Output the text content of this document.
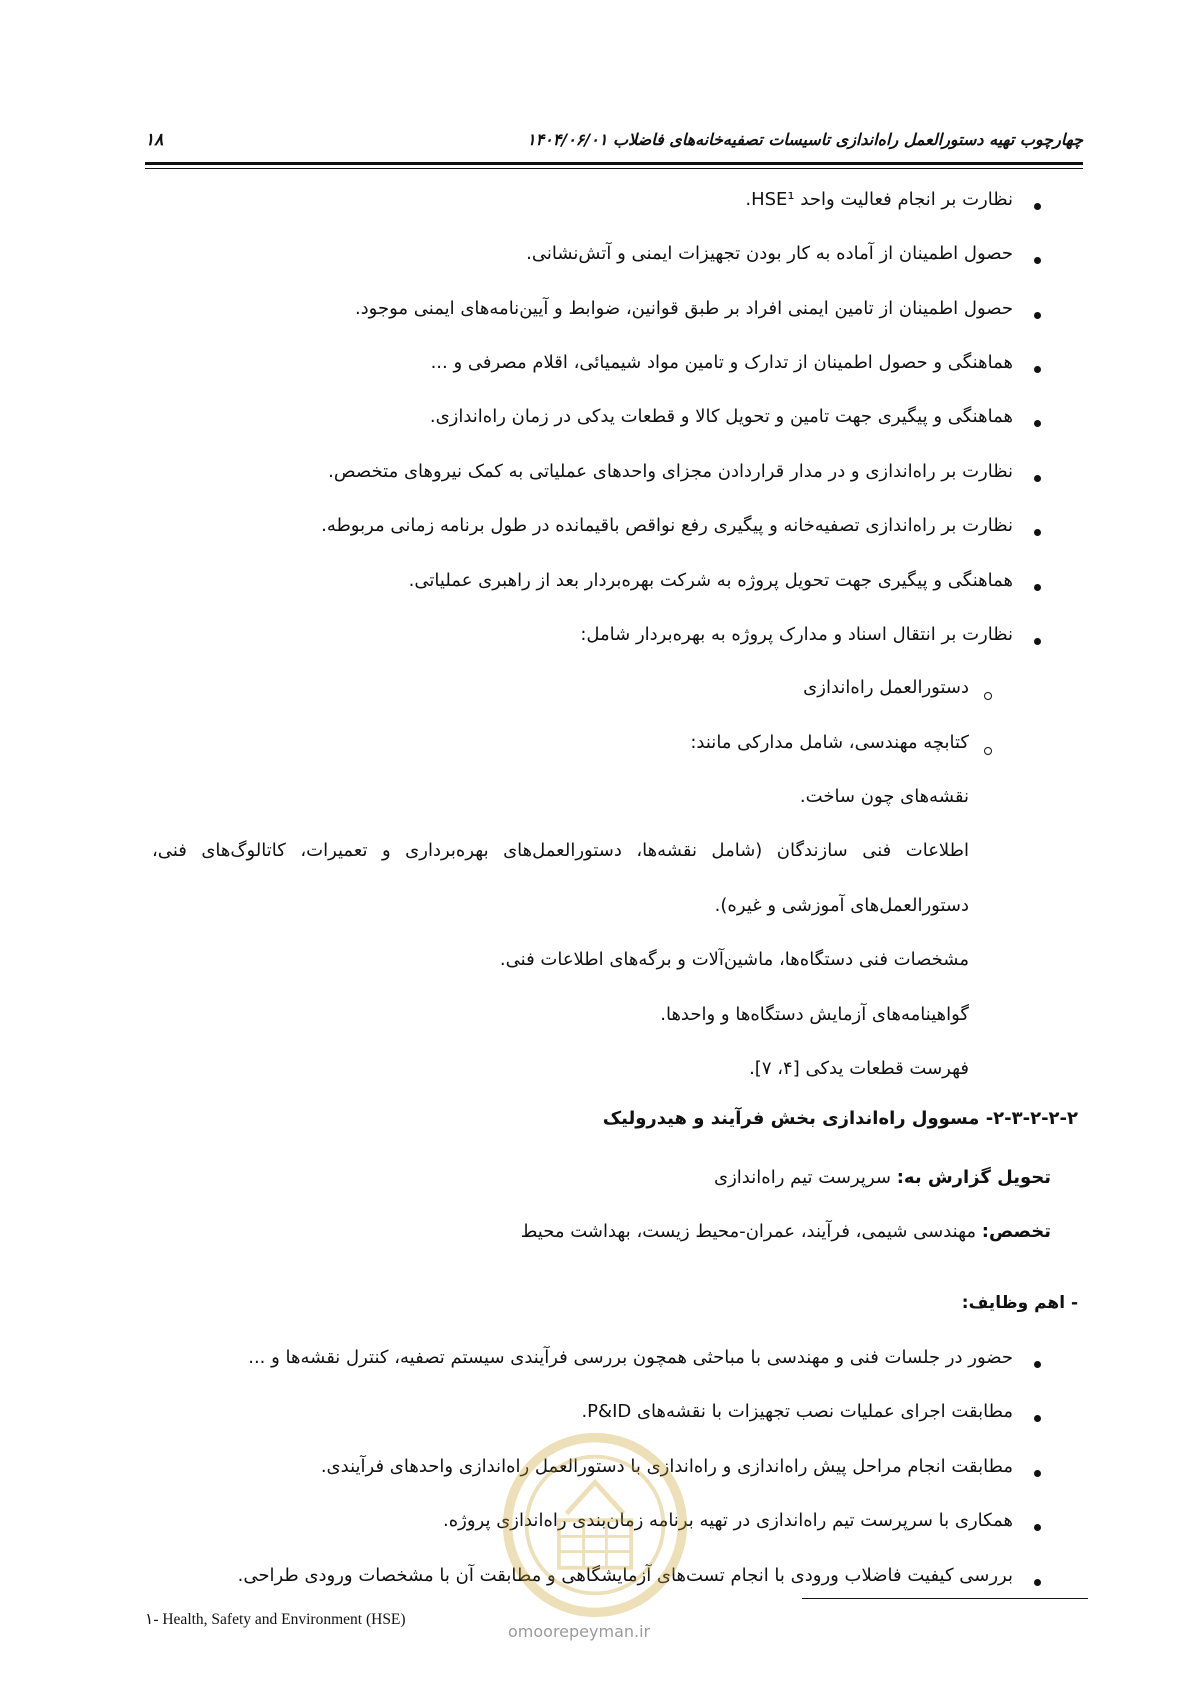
چهارچوب تهیه دستورالعمل راه‌اندازی تاسیسات تصفیه‌خانه‌های فاضلاب ۱۴۰۴/۰۶/۰۱
۱۸
نظارت بر انجام فعالیت واحد HSE¹.
حصول اطمینان از آماده به کار بودن تجهیزات ایمنی و آتش‌نشانی.
حصول اطمینان از تامین ایمنی افراد بر طبق قوانین، ضوابط و آیین‌نامه‌های ایمنی موجود.
هماهنگی و حصول اطمینان از تدارک و تامین مواد شیمیائی، اقلام مصرفی و ...
هماهنگی و پیگیری جهت تامین و تحویل کالا و قطعات یدکی در زمان راه‌اندازی.
نظارت بر راه‌اندازی و در مدار قراردادن مجزای واحدهای عملیاتی به کمک نیروهای متخصص.
نظارت بر راه‌اندازی تصفیه‌خانه و پیگیری رفع نواقص باقیمانده در طول برنامه زمانی مربوطه.
هماهنگی و پیگیری جهت تحویل پروژه به شرکت بهره‌بردار بعد از راهبری عملیاتی.
نظارت بر انتقال اسناد و مدارک پروژه به بهره‌بردار شامل:
دستورالعمل راه‌اندازی
کتابچه مهندسی، شامل مدارکی مانند:
نقشه‌های چون ساخت.
اطلاعات فنی سازندگان (شامل نقشه‌ها، دستورالعمل‌های بهره‌برداری و تعمیرات، کاتالوگ‌های فنی،
دستورالعمل‌های آموزشی و غیره).
مشخصات فنی دستگاه‌ها، ماشین‌آلات و برگه‌های اطلاعات فنی.
گواهینامه‌های آزمایش دستگاه‌ها و واحدها.
فهرست قطعات یدکی [۴، ۷].
۲-۳-۲-۲-۲- مسوول راه‌اندازی بخش فرآیند و هیدرولیک
تحویل گزارش به: سرپرست تیم راه‌اندازی
تخصص: مهندسی شیمی، فرآیند، عمران-محیط زیست، بهداشت محیط
- اهم وظایف:
حضور در جلسات فنی و مهندسی با مباحثی همچون بررسی فرآیندی سیستم تصفیه، کنترل نقشه‌ها و ...
مطابقت اجرای عملیات نصب تجهیزات با نقشه‌های P&ID.
مطابقت انجام مراحل پیش راه‌اندازی و راه‌اندازی با دستورالعمل راه‌اندازی واحدهای فرآیندی.
همکاری با سرپرست تیم راه‌اندازی در تهیه برنامه زمان‌بندی راه‌اندازی پروژه.
بررسی کیفیت فاضلاب ورودی با انجام تست‌های آزمایشگاهی و مطابقت آن با مشخصات ورودی طراحی.
omoorepeyman.ir
۱- Health, Safety and Environment (HSE)
